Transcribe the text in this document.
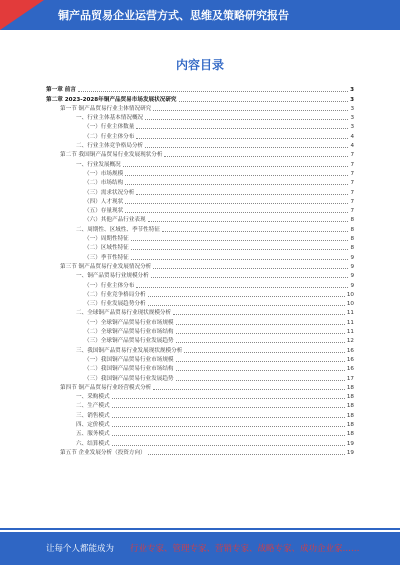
铜产品贸易企业运营方式、思维及策略研究报告
内容目录
第一章 前言	3
第二章 2023-2028年铜产品贸易市场发展状况研究	3
第一节 铜产品贸易行业主体情况研究	3
一、行业主体基本情况概况	3
（一）行业主体数量	3
（二）行业主体分布	4
二、行业主体竞争格局分析	4
第二节 我国铜产品贸易行业发展现状分析	7
一、行业发展概况	7
（一）市场规模	7
（二）市场结构	7
（三）需求状况分析	7
（四）人才现状	7
（五）存量现状	7
（六）其他产品行业表现	8
二、周期性、区域性、季节性特征	8
（一）周期性特征	8
（二）区域性特征	8
（三）季节性特征	9
第三节 铜产品贸易行业发展情况分析	9
一、铜产品贸易行业规模分析	9
（一）行业主体分布	9
（二）行业竞争格局分析	10
（三）行业发展趋势分析	10
二、全球铜产品贸易行业现状规模分析	11
（一）全球铜产品贸易行业市场规模	11
（二）全球铜产品贸易行业市场结构	11
（三）全球铜产品贸易行业发展趋势	12
三、我国铜产品贸易行业发展现状规模分析	16
（一）我国铜产品贸易行业市场规模	16
（二）我国铜产品贸易行业市场结构	16
（三）我国铜产品贸易行业发展趋势	17
第四节 铜产品贸易行业经营模式分析	18
一、采购模式	18
二、生产模式	18
三、销售模式	18
四、定价模式	18
五、服务模式	18
六、结算模式	19
第五节 企业发展分析（投资方向）	19
让每个人都能成为 行业专家、管理专家、营销专家、战略专家、成功企业家……
